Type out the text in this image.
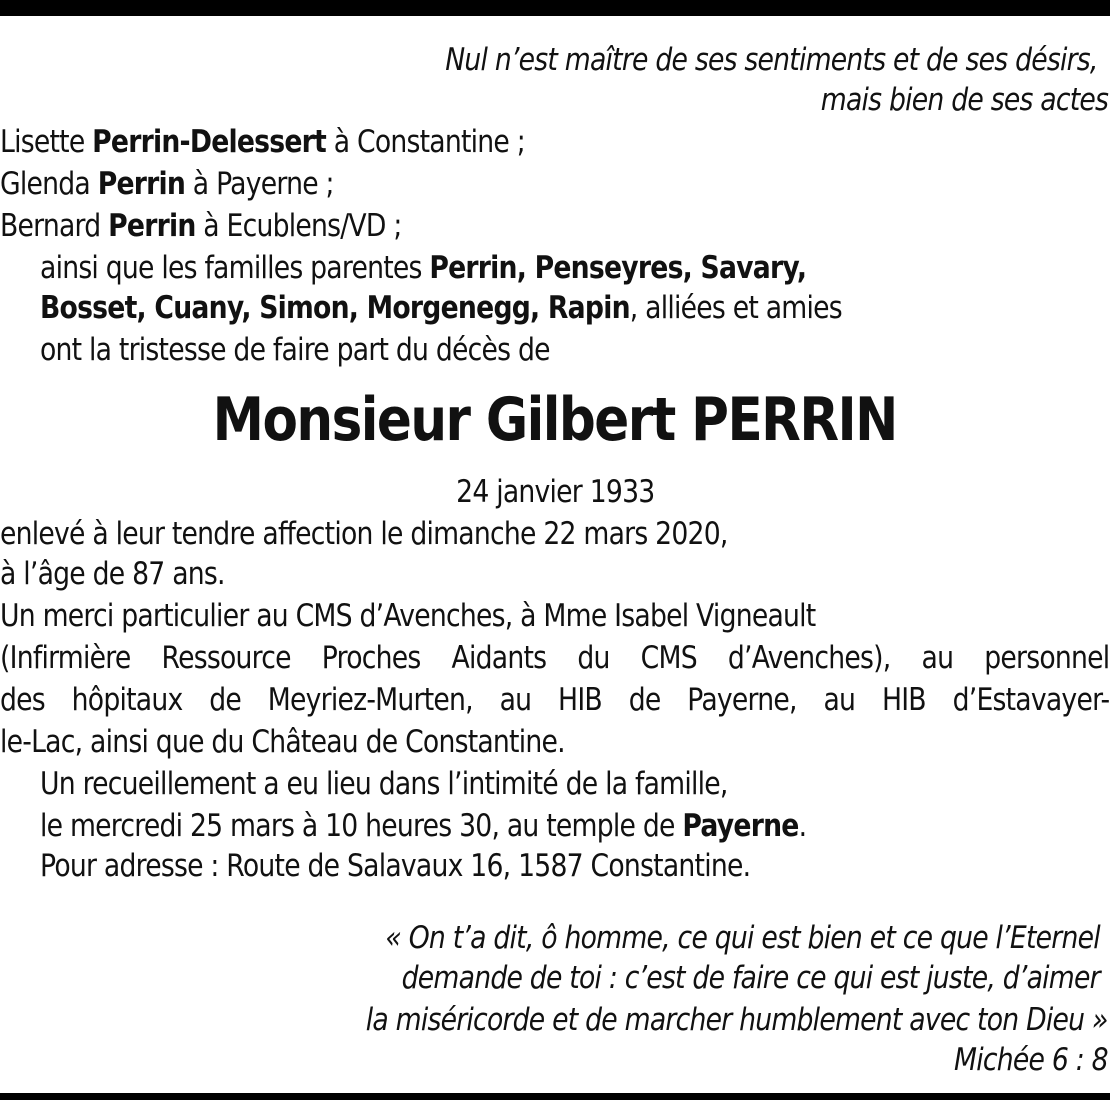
Nul n’est maître de ses sentiments et de ses désirs,
mais bien de ses actes
Lisette Perrin-Delessert à Constantine ;
Glenda Perrin à Payerne ;
Bernard Perrin à Ecublens/VD ;
ainsi que les familles parentes Perrin, Penseyres, Savary,
Bosset, Cuany, Simon, Morgenegg, Rapin, alliées et amies
ont la tristesse de faire part du décès de
Monsieur Gilbert PERRIN
24 janvier 1933
enlevé à leur tendre affection le dimanche 22 mars 2020,
à l’âge de 87 ans.
Un merci particulier au CMS d’Avenches, à Mme Isabel Vigneault
(Infirmière Ressource Proches Aidants du CMS d’Avenches), au personnel
des hôpitaux de Meyriez-Murten, au HIB de Payerne, au HIB d’Estavayer-
le-Lac, ainsi que du Château de Constantine.
Un recueillement a eu lieu dans l’intimité de la famille,
le mercredi 25 mars à 10 heures 30, au temple de Payerne.
Pour adresse : Route de Salavaux 16, 1587 Constantine.
« On t’a dit, ô homme, ce qui est bien et ce que l’Eternel
demande de toi : c’est de faire ce qui est juste, d’aimer
la miséricorde et de marcher humblement avec ton Dieu »
Michée 6 : 8
